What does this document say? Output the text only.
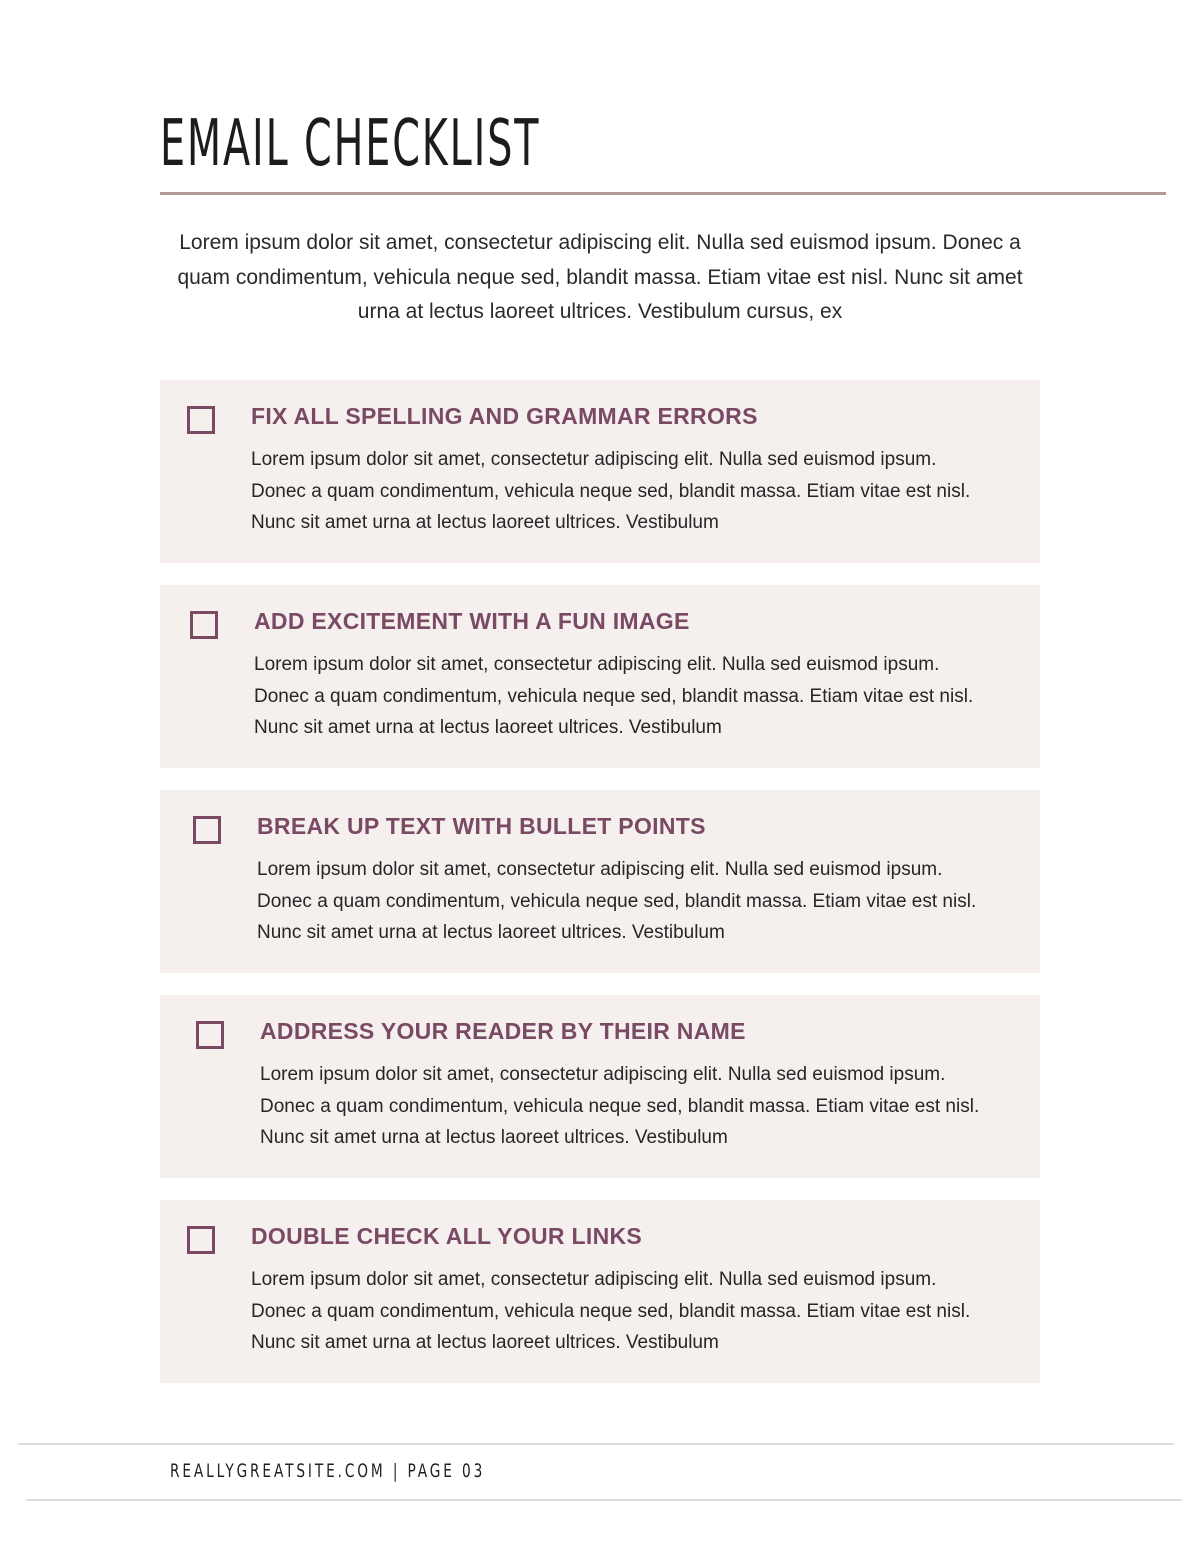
EMAIL CHECKLIST

Lorem ipsum dolor sit amet, consectetur adipiscing elit. Nulla sed euismod ipsum. Donec a quam condimentum, vehicula neque sed, blandit massa. Etiam vitae est nisl. Nunc sit amet urna at lectus laoreet ultrices. Vestibulum cursus, ex

FIX ALL SPELLING AND GRAMMAR ERRORS

Lorem ipsum dolor sit amet, consectetur adipiscing elit. Nulla sed euismod ipsum. Donec a quam condimentum, vehicula neque sed, blandit massa. Etiam vitae est nisl. Nunc sit amet urna at lectus laoreet ultrices. Vestibulum

ADD EXCITEMENT WITH A FUN IMAGE

Lorem ipsum dolor sit amet, consectetur adipiscing elit. Nulla sed euismod ipsum. Donec a quam condimentum, vehicula neque sed, blandit massa. Etiam vitae est nisl. Nunc sit amet urna at lectus laoreet ultrices. Vestibulum

BREAK UP TEXT WITH BULLET POINTS

Lorem ipsum dolor sit amet, consectetur adipiscing elit. Nulla sed euismod ipsum. Donec a quam condimentum, vehicula neque sed, blandit massa. Etiam vitae est nisl. Nunc sit amet urna at lectus laoreet ultrices. Vestibulum

ADDRESS YOUR READER BY THEIR NAME

Lorem ipsum dolor sit amet, consectetur adipiscing elit. Nulla sed euismod ipsum. Donec a quam condimentum, vehicula neque sed, blandit massa. Etiam vitae est nisl. Nunc sit amet urna at lectus laoreet ultrices. Vestibulum

DOUBLE CHECK ALL YOUR LINKS

Lorem ipsum dolor sit amet, consectetur adipiscing elit. Nulla sed euismod ipsum. Donec a quam condimentum, vehicula neque sed, blandit massa. Etiam vitae est nisl. Nunc sit amet urna at lectus laoreet ultrices. Vestibulum

REALLYGREATSITE.COM | PAGE 03
